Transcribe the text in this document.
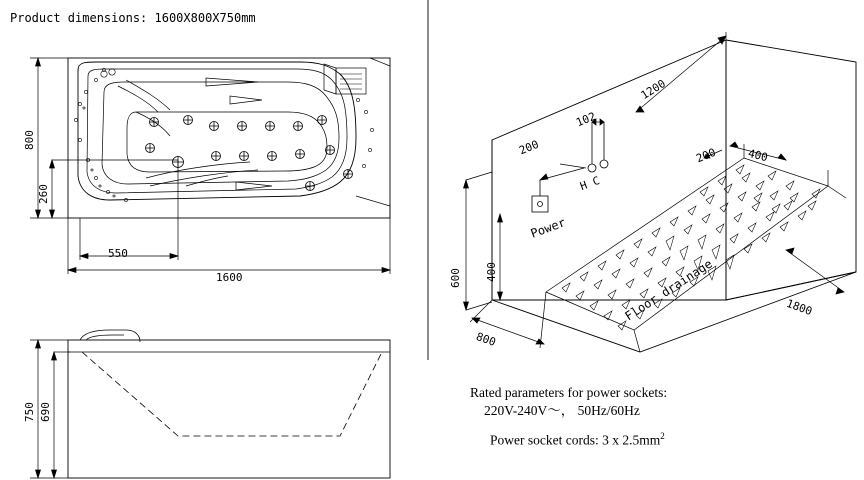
Product dimensions: 1600X800X750mm
800
260
550
1600
750 690
1200
102
200
600 400
800
200	400
1800
Power
H C
Floor drainage
Rated parameters for power sockets:
220V-240V～， 50Hz/60Hz
Power socket cords: 3 x $2.5mm^2$
